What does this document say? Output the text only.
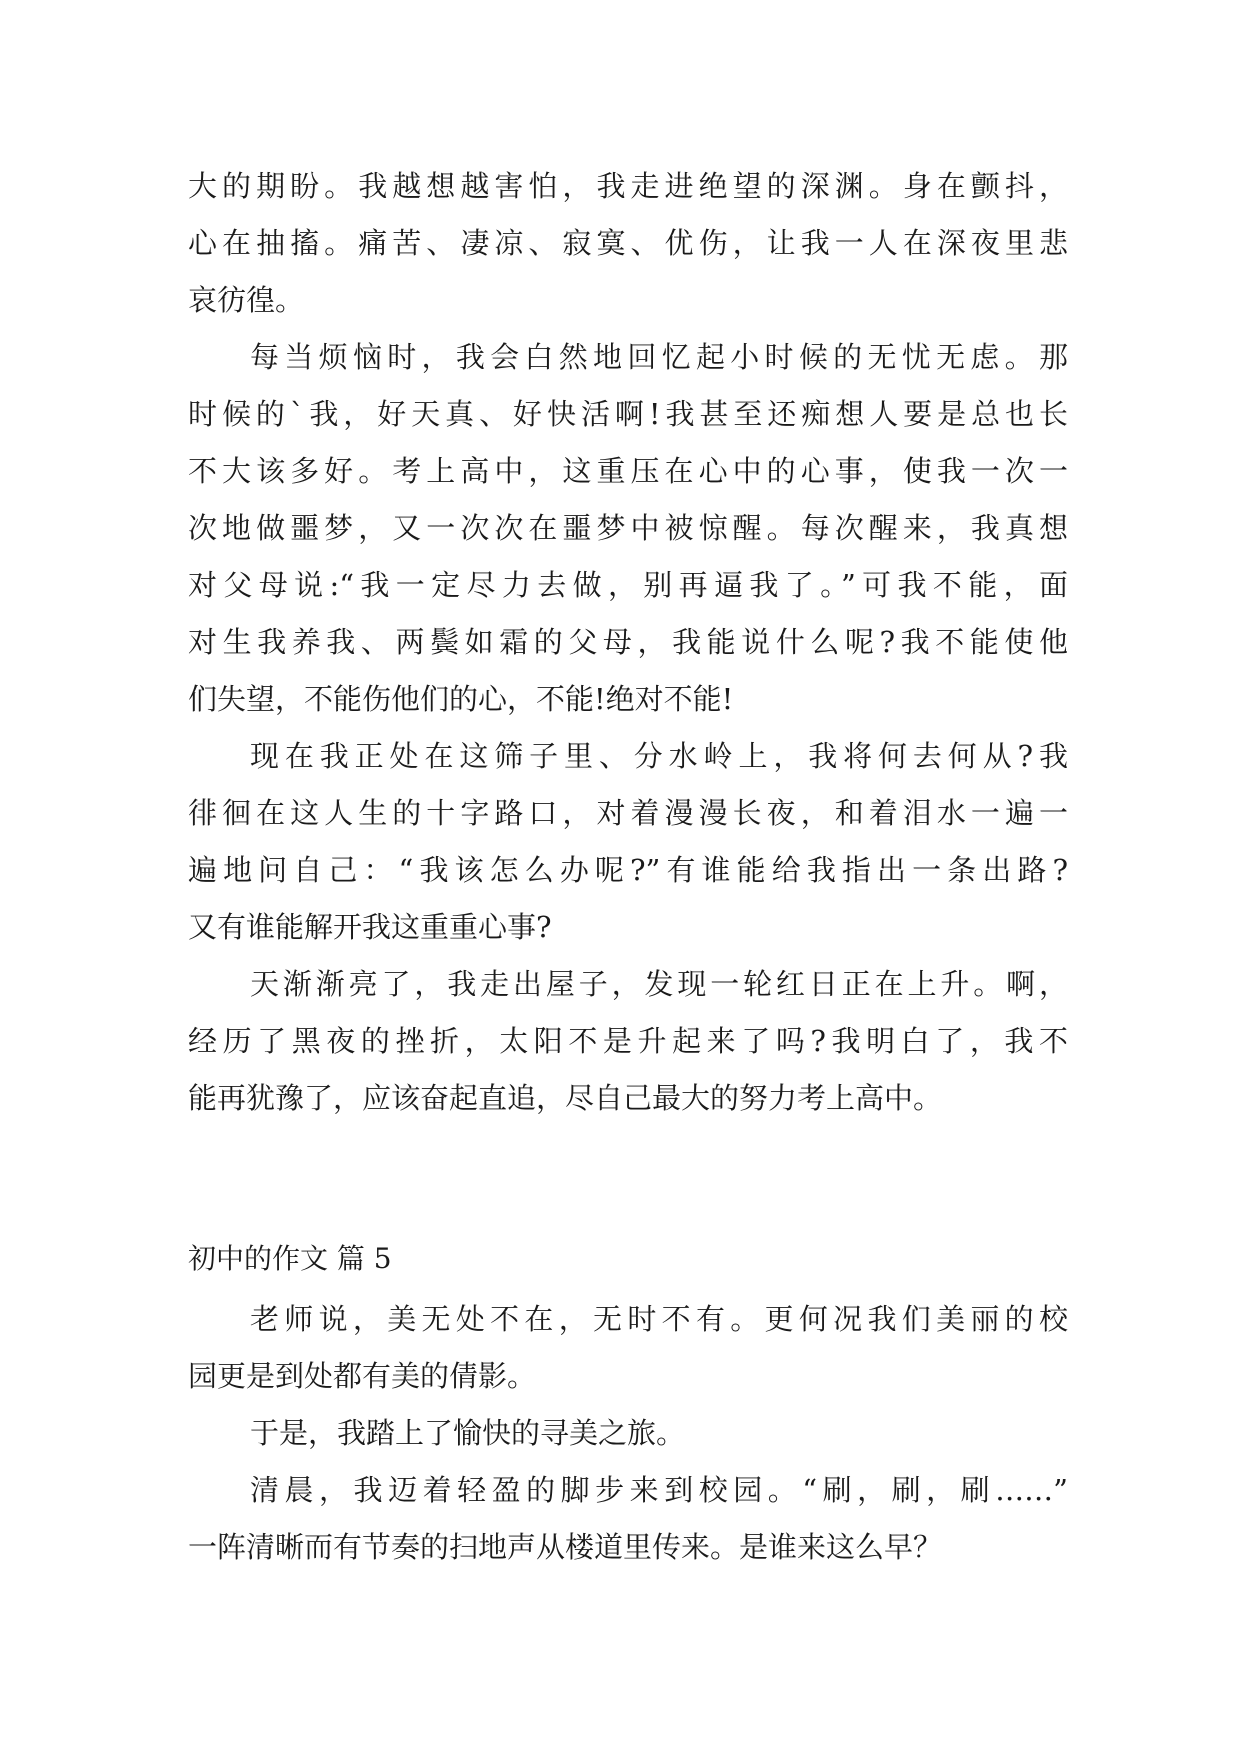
大的期盼。我越想越害怕，我走进绝望的深渊。身在颤抖，
心在抽搐。痛苦、凄凉、寂寞、优伤，让我一人在深夜里悲
哀彷徨。
每当烦恼时，我会白然地回忆起小时候的无忧无虑。那
时候的`我，好天真、好快活啊!我甚至还痴想人要是总也长
不大该多好。考上高中，这重压在心中的心事，使我一次一
次地做噩梦，又一次次在噩梦中被惊醒。每次醒来，我真想
对父母说:“我一定尽力去做，别再逼我了。”可我不能，面
对生我养我、两鬓如霜的父母，我能说什么呢?我不能使他
们失望，不能伤他们的心，不能!绝对不能!
现在我正处在这筛子里、分水岭上，我将何去何从?我
徘徊在这人生的十字路口，对着漫漫长夜，和着泪水一遍一
遍地问自己：“我该怎么办呢?”有谁能给我指出一条出路?
又有谁能解开我这重重心事?
天渐渐亮了，我走出屋子，发现一轮红日正在上升。啊，
经历了黑夜的挫折，太阳不是升起来了吗?我明白了，我不
能再犹豫了，应该奋起直追，尽自己最大的努力考上高中。
初中的作文 篇 5
老师说，美无处不在，无时不有。更何况我们美丽的校
园更是到处都有美的倩影。
于是，我踏上了愉快的寻美之旅。
清晨，我迈着轻盈的脚步来到校园。“刷，刷，刷……”
一阵清晰而有节奏的扫地声从楼道里传来。是谁来这么早？
